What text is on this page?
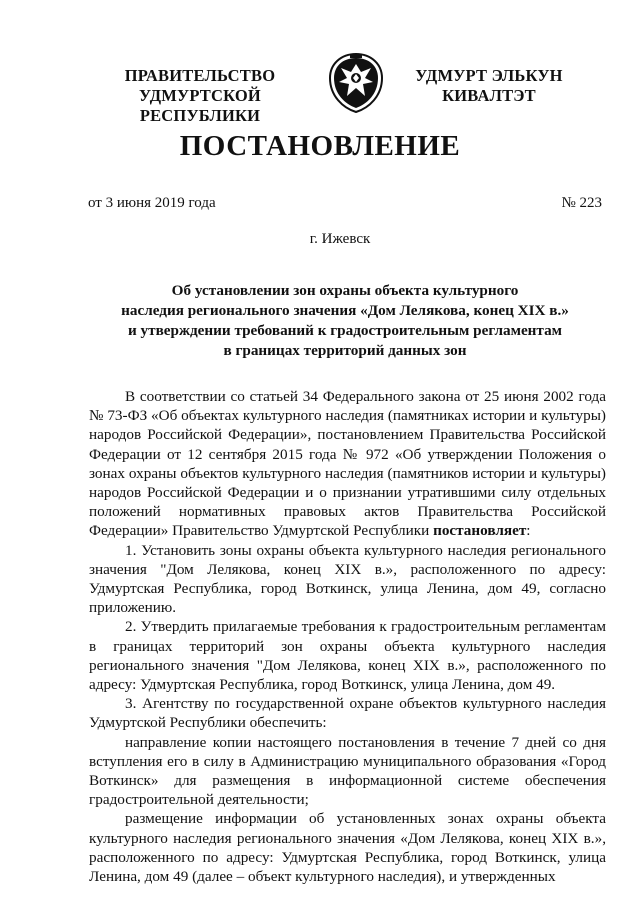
ПРАВИТЕЛЬСТВО
УДМУРТСКОЙ РЕСПУБЛИКИ
УДМУРТ ЭЛЬКУН
КИВАЛТЭТ
ПОСТАНОВЛЕНИЕ
от 3 июня 2019 года	№ 223
г. Ижевск
Об установлении зон охраны объекта культурного
наследия регионального значения «Дом Лелякова, конец XIX в.»
и утверждении требований к градостроительным регламентам
в границах территорий данных зон

В соответствии со статьей 34 Федерального закона от 25 июня 2002 года № 73-ФЗ «Об объектах культурного наследия (памятниках истории и культуры) народов Российской Федерации», постановлением Правительства Российской Федерации от 12 сентября 2015 года № 972 «Об утверждении Положения о зонах охраны объектов культурного наследия (памятников истории и культуры) народов Российской Федерации и о признании утратившими силу отдельных положений нормативных правовых актов Правительства Российской Федерации» Правительство Удмуртской Республики постановляет:

1. Установить зоны охраны объекта культурного наследия регионального значения "Дом Лелякова, конец XIX в.», расположенного по адресу: Удмуртская Республика, город Воткинск, улица Ленина, дом 49, согласно приложению.

2. Утвердить прилагаемые требования к градостроительным регламентам в границах территорий зон охраны объекта культурного наследия регионального значения "Дом Лелякова, конец XIX в.», расположенного по адресу: Удмуртская Республика, город Воткинск, улица Ленина, дом 49.

3. Агентству по государственной охране объектов культурного наследия Удмуртской Республики обеспечить:

направление копии настоящего постановления в течение 7 дней со дня вступления его в силу в Администрацию муниципального образования «Город Воткинск» для размещения в информационной системе обеспечения градостроительной деятельности;

размещение информации об установленных зонах охраны объекта культурного наследия регионального значения «Дом Лелякова, конец XIX в.», расположенного по адресу: Удмуртская Республика, город Воткинск, улица Ленина, дом 49 (далее – объект культурного наследия), и утвержденных
